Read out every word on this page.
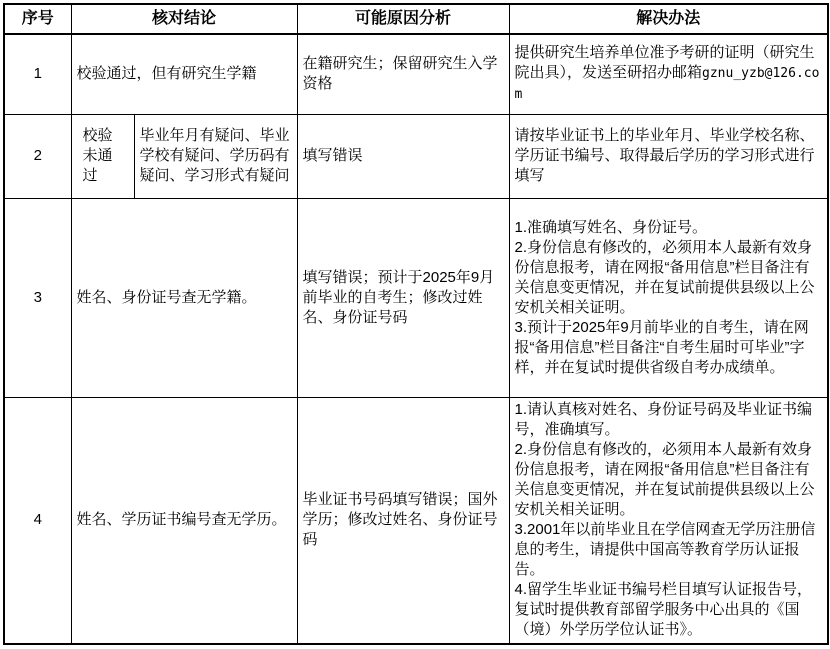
序号	核对结论		可能原因分析	解决办法
1	校验通过，但有研究生学籍		在籍研究生；保留研究生入学资格	提供研究生培养单位准予考研的证明（研究生院出具），发送至研招办邮箱gznu_yzb@126.com
2	校验未通过	毕业年月有疑问、毕业学校有疑问、学历码有疑问、学习形式有疑问	填写错误	请按毕业证书上的毕业年月、毕业学校名称、学历证书编号、取得最后学历的学习形式进行填写
3	姓名、身份证号查无学籍。		填写错误；预计于2025年9月前毕业的自考生；修改过姓名、身份证号码	1.准确填写姓名、身份证号。
2.身份信息有修改的，必须用本人最新有效身份信息报考，请在网报“备用信息”栏目备注有关信息变更情况，并在复试前提供县级以上公安机关相关证明。
3.预计于2025年9月前毕业的自考生，请在网报“备用信息”栏目备注“自考生届时可毕业”字样，并在复试时提供省级自考办成绩单。

4	姓名、学历证书编号查无学历。		毕业证书号码填写错误；国外学历；修改过姓名、身份证号码	1.请认真核对姓名、身份证号码及毕业证书编号，准确填写。
2.身份信息有修改的，必须用本人最新有效身份信息报考，请在网报“备用信息”栏目备注有关信息变更情况，并在复试前提供县级以上公安机关相关证明。
3.2001年以前毕业且在学信网查无学历注册信息的考生，请提供中国高等教育学历认证报告。
4.留学生毕业证书编号栏目填写认证报告号，复试时提供教育部留学服务中心出具的《国（境）外学历学位认证书》。
